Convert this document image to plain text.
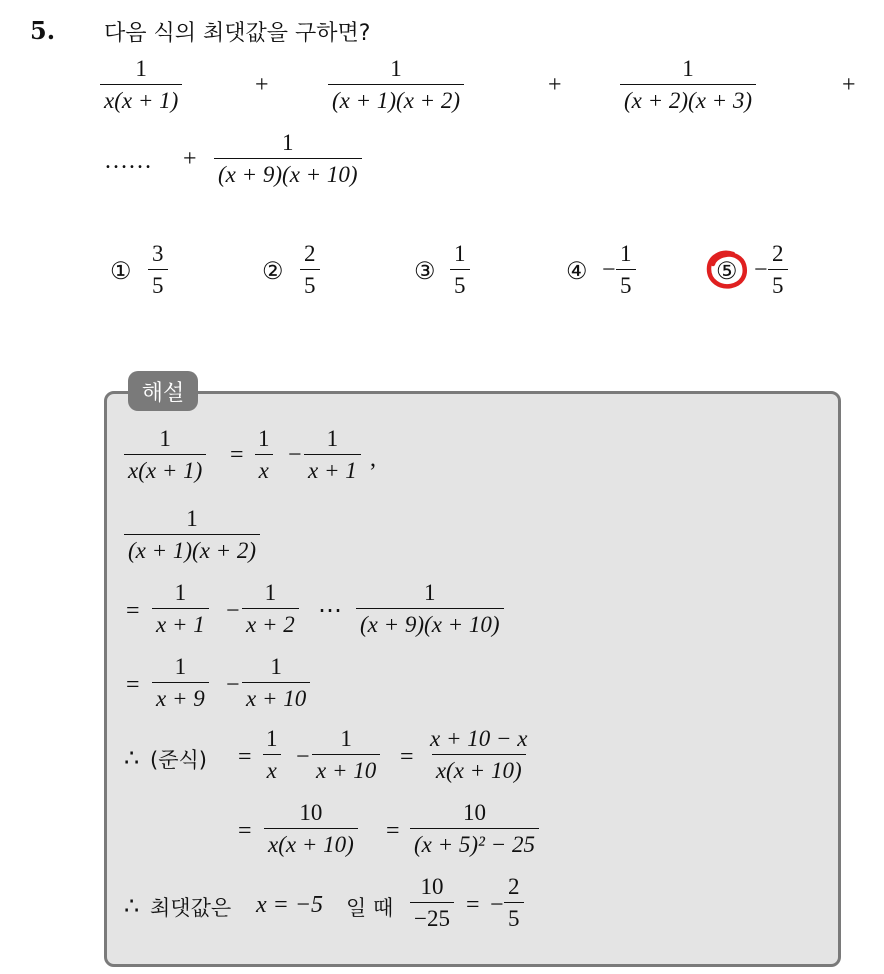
5. 다음 식의 최댓값을 구하면?
$\frac{1}{x(x + 1)}$	+	$\frac{1}{(x + 1)(x + 2)}$	+	$\frac{1}{(x + 2)(x + 3)}$	+
…… + $\frac{1}{(x + 9)(x + 10)}$
① $\frac{3}{5}$	② $\frac{2}{5}$	③ $\frac{1}{5}$	④ − $\frac{1}{5}$	⑤ − $\frac{2}{5}$
해설
$\frac{1}{x(x + 1)} = \frac{1}{x} - \frac{1}{x + 1}$ ,
$\frac{1}{(x + 1)(x + 2)}$
= $\frac{1}{x + 1} - \frac{1}{x + 2}$ ⋯ $\frac{1}{(x + 9)(x + 10)}$
= $\frac{1}{x + 9} - \frac{1}{x + 10}$
∴ (준식) = $\frac{1}{x} - \frac{1}{x + 10} = \frac{x + 10 - x}{x(x + 10)}$
= $\frac{10}{x(x + 10)} = \frac{10}{\text{(x + 5)² − 25}}$
∴ 최댓값은 x = −5 일 때 $\frac{10}{-25}$ = − $\frac{2}{5}$
